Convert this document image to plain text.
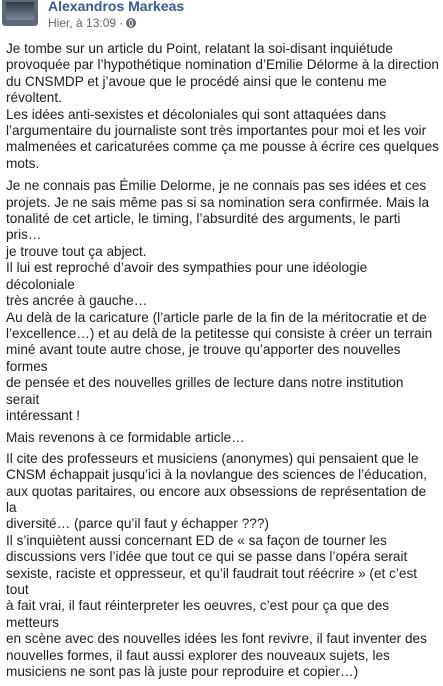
Alexandros Markeas
Hier, à 13:09 ·

Je tombe sur un article du Point, relatant la soi-disant inquiétude
provoquée par l’hypothétique nomination d’Emilie Délorme à la direction
du CNSMDP et j’avoue que le procédé ainsi que le contenu me révoltent.
Les idées anti-sexistes et décoloniales qui sont attaquées dans
l’argumentaire du journaliste sont très importantes pour moi et les voir
malmenées et caricaturées comme ça me pousse à écrire ces quelques
mots.

Je ne connais pas Émilie Delorme, je ne connais pas ses idées et ces
projets. Je ne sais même pas si sa nomination sera confirmée. Mais la
tonalité de cet article, le timing, l’absurdité des arguments, le parti pris…
je trouve tout ça abject.
Il lui est reproché d’avoir des sympathies pour une idéologie décoloniale
très ancrée à gauche…
Au delà de la caricature (l’article parle de la fin de la méritocratie et de
l’excellence…) et au delà de la petitesse qui consiste à créer un terrain
miné avant toute autre chose, je trouve qu’apporter des nouvelles formes
de pensée et des nouvelles grilles de lecture dans notre institution serait
intéressant !

Mais revenons à ce formidable article…

Il cite des professeurs et musiciens (anonymes) qui pensaient que le
CNSM échappait jusqu’ici à la novlangue des sciences de l’éducation,
aux quotas paritaires, ou encore aux obsessions de représentation de la
diversité… (parce qu’il faut y échapper ???)
Il s’inquiètent aussi concernant ED de « sa façon de tourner les
discussions vers l’idée que tout ce qui se passe dans l’opéra serait
sexiste, raciste et oppresseur, et qu’il faudrait tout réécrire » (et c’est tout
à fait vrai, il faut réinterpreter les oeuvres, c’est pour ça que des metteurs
en scène avec des nouvelles idées les font revivre, il faut inventer des
nouvelles formes, il faut aussi explorer des nouveaux sujets, les
musiciens ne sont pas là juste pour reproduire et copier…)
